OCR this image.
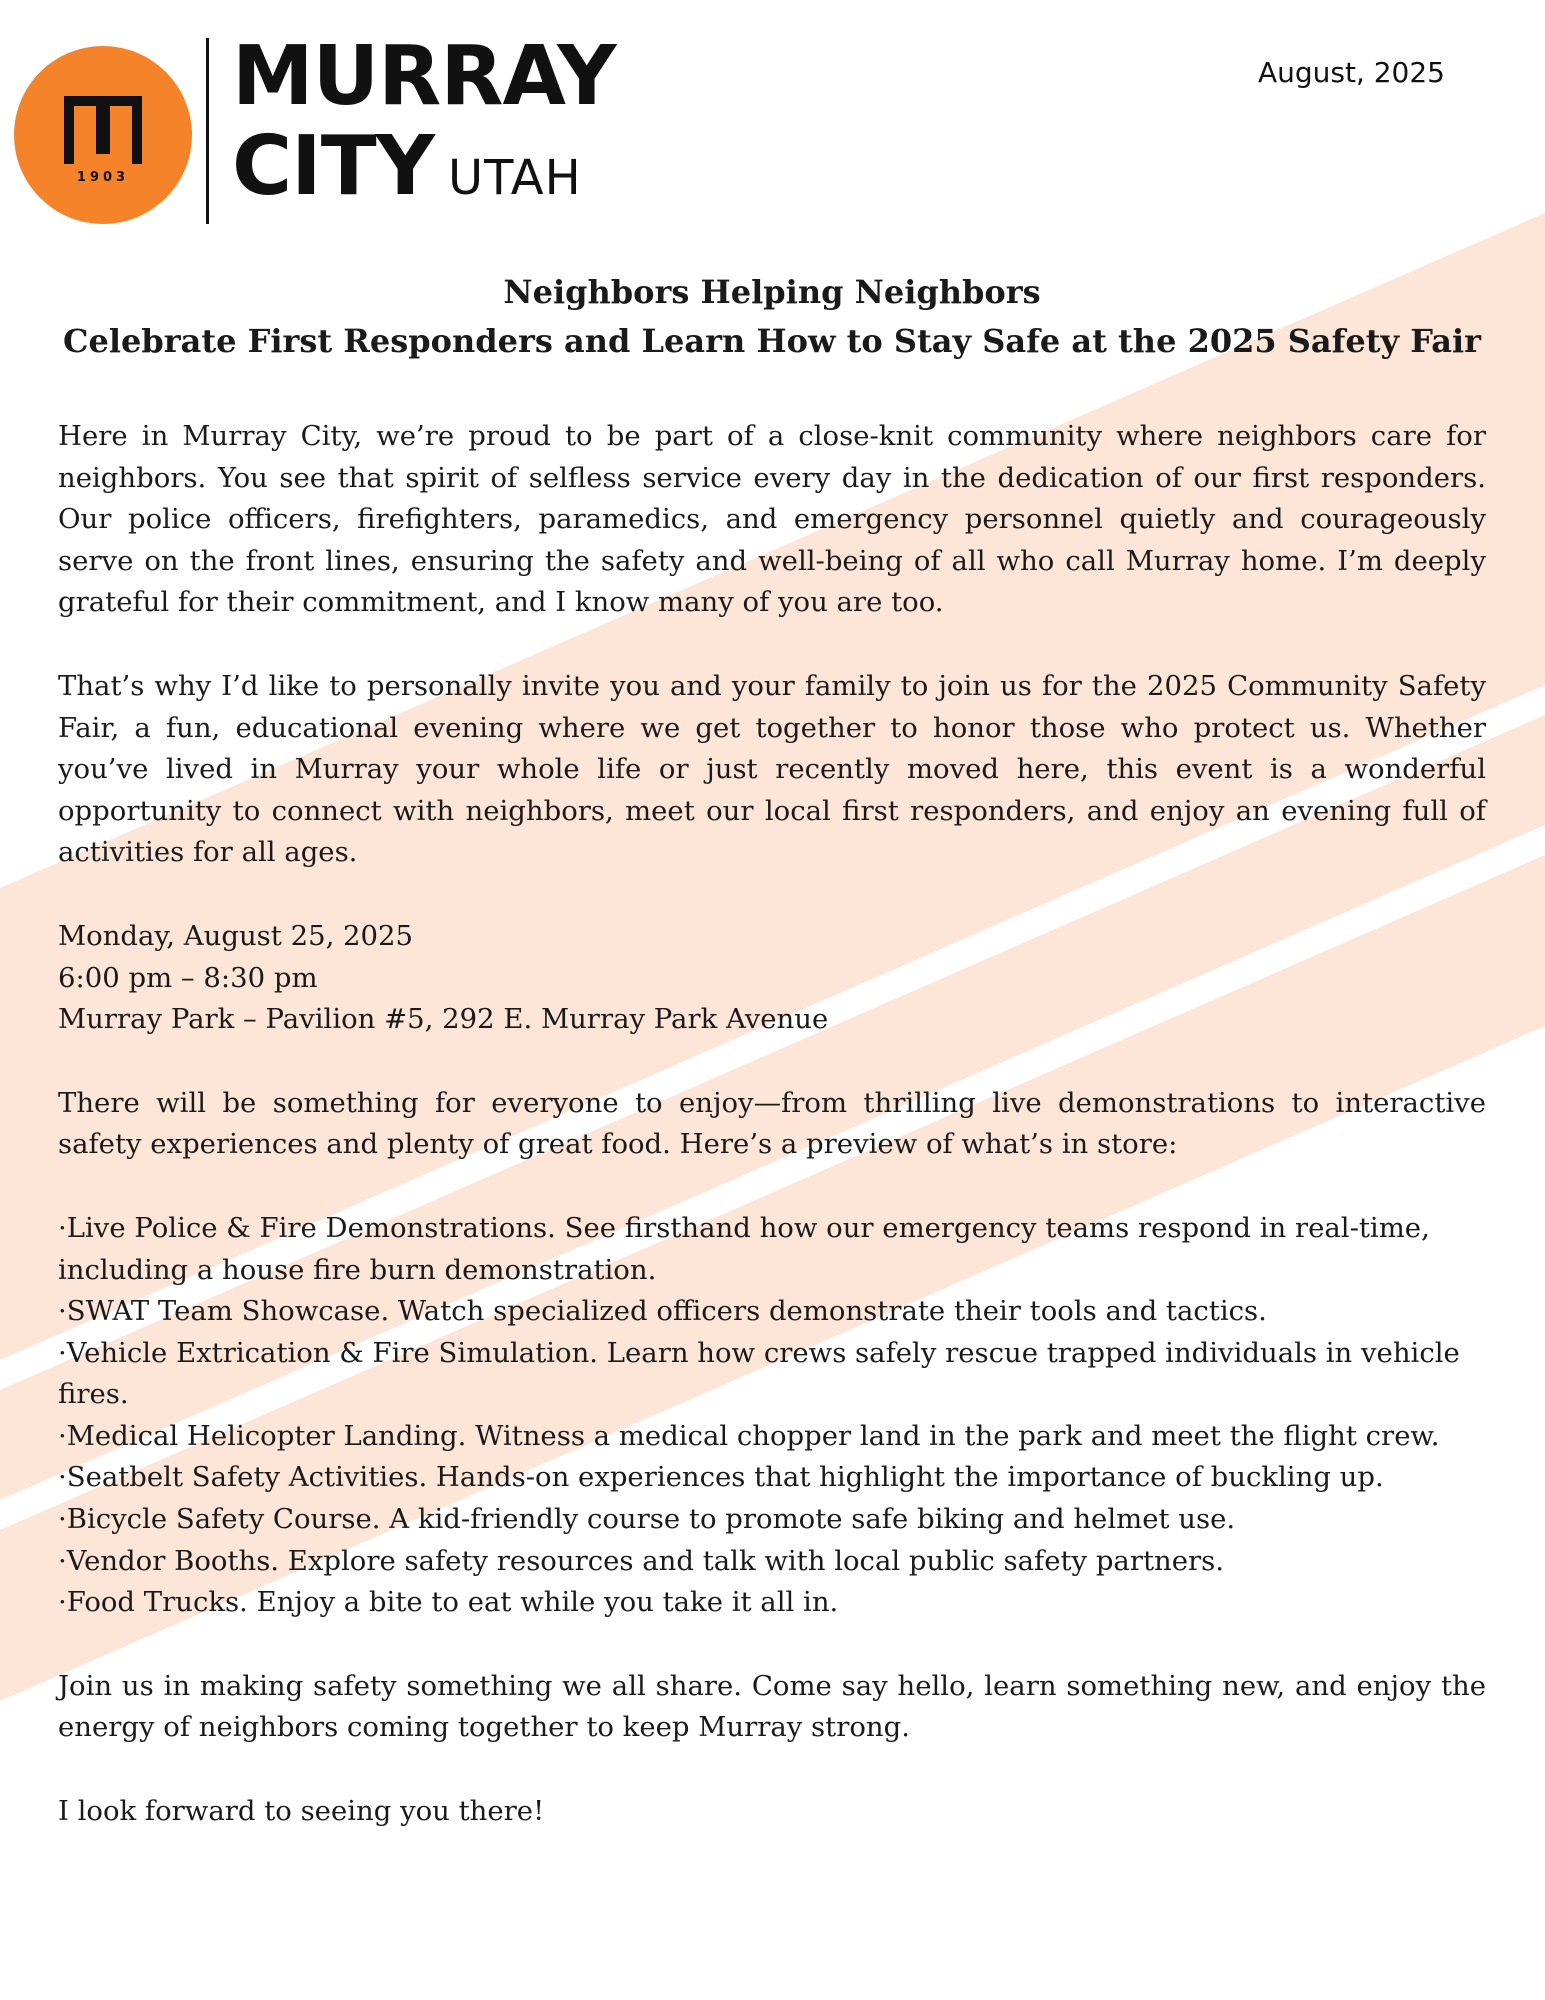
1903
MURRAY
CITY UTAH
August, 2025

Neighbors Helping Neighbors

Celebrate First Responders and Learn How to Stay Safe at the 2025 Safety Fair

Here in Murray City, we’re proud to be part of a close-knit community where neighbors care for neighbors. You see that spirit of selfless service every day in the dedication of our first responders. Our police officers, firefighters, paramedics, and emergency personnel quietly and courageously serve on the front lines, ensuring the safety and well-being of all who call Murray home. I’m deeply grateful for their commitment, and I know many of you are too.

That’s why I’d like to personally invite you and your family to join us for the 2025 Community Safety Fair, a fun, educational evening where we get together to honor those who protect us. Whether you’ve lived in Murray your whole life or just recently moved here, this event is a wonderful opportunity to connect with neighbors, meet our local first responders, and enjoy an evening full of activities for all ages.

Monday, August 25, 2025

6:00 pm – 8:30 pm

Murray Park – Pavilion #5, 292 E. Murray Park Avenue

There will be something for everyone to enjoy—from thrilling live demonstrations to interactive safety experiences and plenty of great food. Here’s a preview of what’s in store:

·Live Police & Fire Demonstrations. See firsthand how our emergency teams respond in real-time, including a house fire burn demonstration.

·SWAT Team Showcase. Watch specialized officers demonstrate their tools and tactics.

·Vehicle Extrication & Fire Simulation. Learn how crews safely rescue trapped individuals in vehicle fires.

·Medical Helicopter Landing. Witness a medical chopper land in the park and meet the flight crew.

·Seatbelt Safety Activities. Hands-on experiences that highlight the importance of buckling up.

·Bicycle Safety Course. A kid-friendly course to promote safe biking and helmet use.

·Vendor Booths. Explore safety resources and talk with local public safety partners.

·Food Trucks. Enjoy a bite to eat while you take it all in.

Join us in making safety something we all share. Come say hello, learn something new, and enjoy the energy of neighbors coming together to keep Murray strong.

I look forward to seeing you there!
